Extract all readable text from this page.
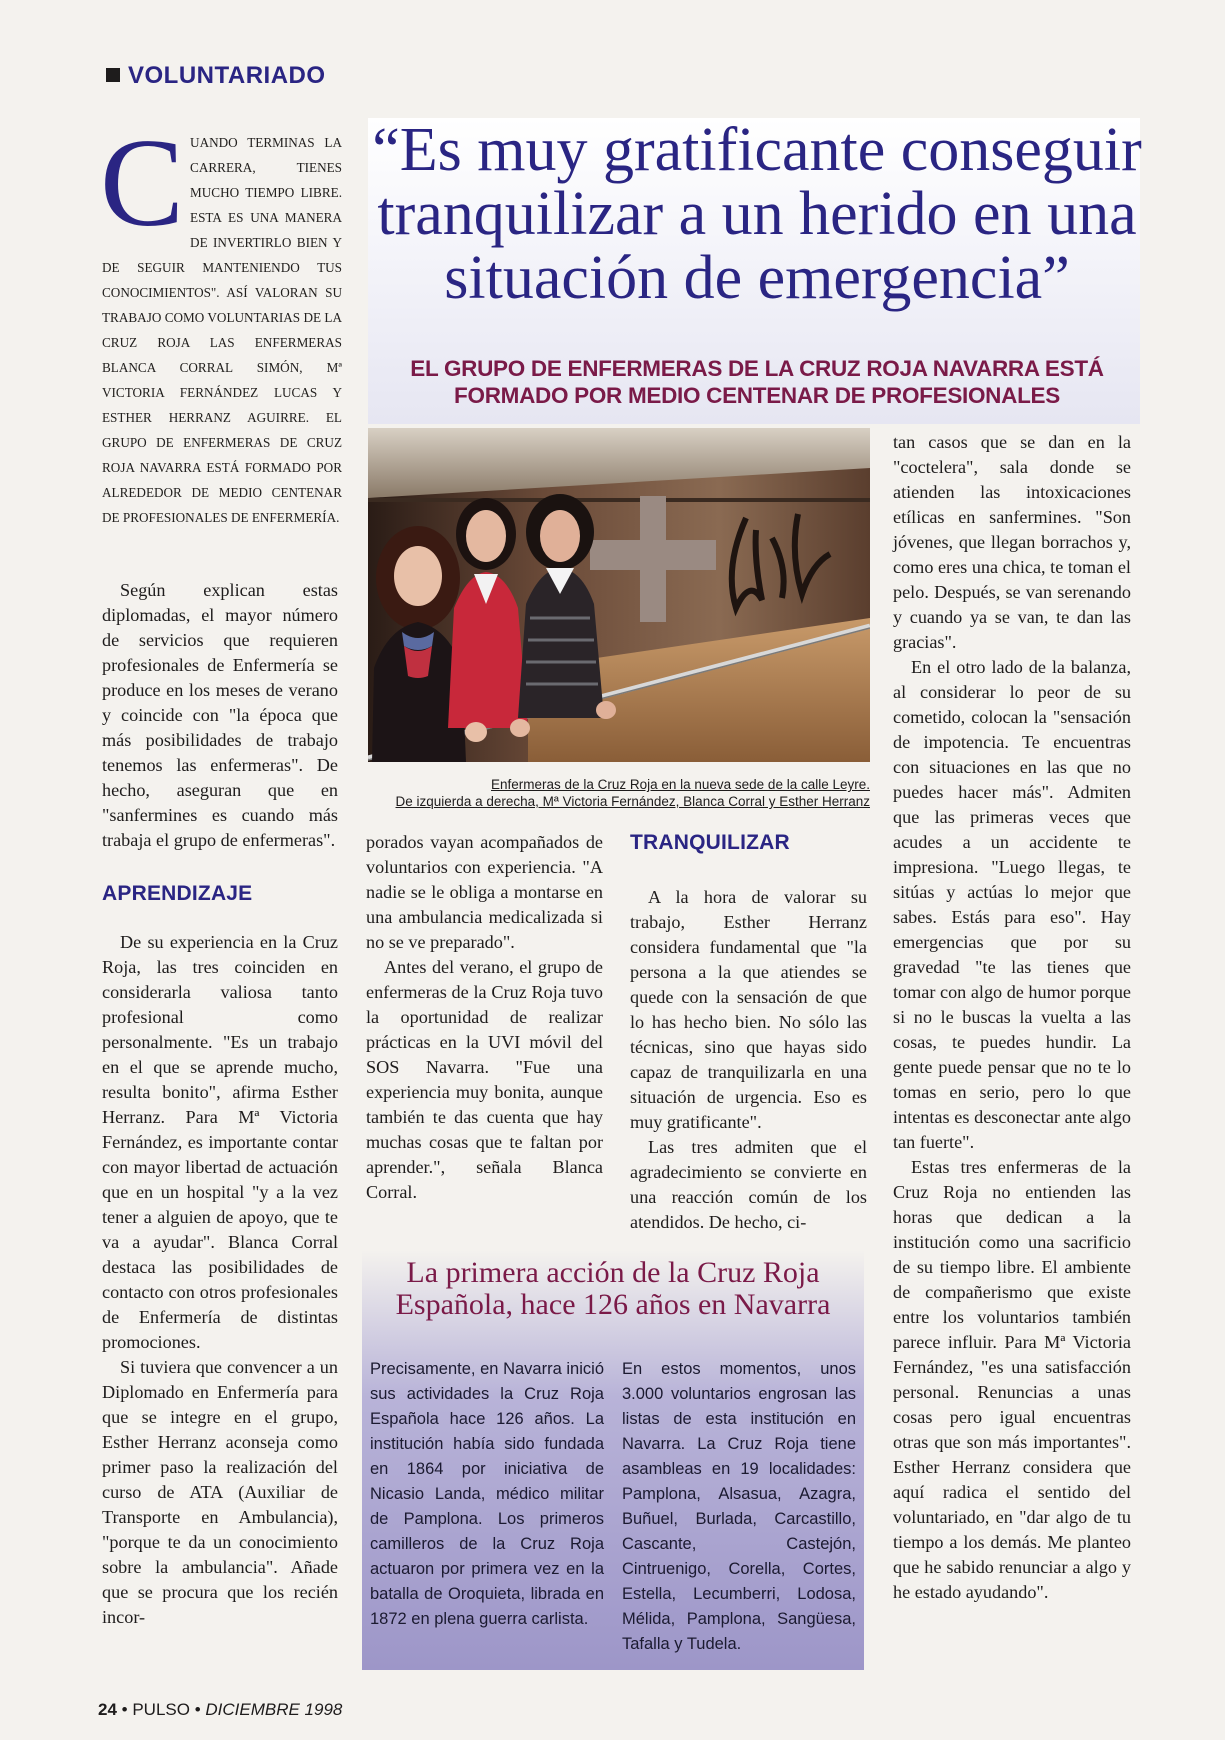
VOLUNTARIADO
“Es muy gratificante conseguir tranquilizar a un herido en una situación de emergencia”
EL GRUPO DE ENFERMERAS DE LA CRUZ ROJA NAVARRA ESTÁ FORMADO POR MEDIO CENTENAR DE PROFESIONALES
C UANDO TERMINAS LA CARRERA, TIENES MUCHO TIEMPO LIBRE. ESTA ES UNA MANERA DE INVERTIRLO BIEN Y DE SEGUIR MANTENIENDO TUS CONOCIMIENTOS". ASÍ VALORAN SU TRABAJO COMO VOLUNTARIAS DE LA CRUZ ROJA LAS ENFERMERAS BLANCA CORRAL SIMÓN, Mª VICTORIA FERNÁNDEZ LUCAS Y ESTHER HERRANZ AGUIRRE. EL GRUPO DE ENFERMERAS DE CRUZ ROJA NAVARRA ESTÁ FORMADO POR ALREDEDOR DE MEDIO CENTENAR DE PROFESIONALES DE ENFERMERÍA.

Según explican estas diplomadas, el mayor número de servicios que requieren profesionales de Enfermería se produce en los meses de verano y coincide con "la época que más posibilidades de trabajo tenemos las enfermeras". De hecho, aseguran que en "sanfermines es cuando más trabaja el grupo de enfermeras".

APRENDIZAJE

De su experiencia en la Cruz Roja, las tres coinciden en considerarla valiosa tanto profesional como personalmente. "Es un trabajo en el que se aprende mucho, resulta bonito", afirma Esther Herranz. Para Mª Victoria Fernández, es importante contar con mayor libertad de actuación que en un hospital "y a la vez tener a alguien de apoyo, que te va a ayudar". Blanca Corral destaca las posibilidades de contacto con otros profesionales de Enfermería de distintas promociones.

Si tuviera que convencer a un Diplomado en Enfermería para que se integre en el grupo, Esther Herranz aconseja como primer paso la realización del curso de ATA (Auxiliar de Transporte en Ambulancia), "porque te da un conocimiento sobre la ambulancia". Añade que se procura que los recién incor-

Enfermeras de la Cruz Roja en la nueva sede de la calle Leyre.
De izquierda a derecha, Mª Victoria Fernández, Blanca Corral y Esther Herranz

porados vayan acompañados de voluntarios con experiencia. "A nadie se le obliga a montarse en una ambulancia medicalizada si no se ve preparado".

Antes del verano, el grupo de enfermeras de la Cruz Roja tuvo la oportunidad de realizar prácticas en la UVI móvil del SOS Navarra. "Fue una experiencia muy bonita, aunque también te das cuenta que hay muchas cosas que te faltan por aprender.", señala Blanca Corral.

TRANQUILIZAR

A la hora de valorar su trabajo, Esther Herranz considera fundamental que "la persona a la que atiendes se quede con la sensación de que lo has hecho bien. No sólo las técnicas, sino que hayas sido capaz de tranquilizarla en una situación de urgencia. Eso es muy gratificante".

Las tres admiten que el agradecimiento se convierte en una reacción común de los atendidos. De hecho, ci-

tan casos que se dan en la "coctelera", sala donde se atienden las intoxicaciones etílicas en sanfermines. "Son jóvenes, que llegan borrachos y, como eres una chica, te toman el pelo. Después, se van serenando y cuando ya se van, te dan las gracias".

En el otro lado de la balanza, al considerar lo peor de su cometido, colocan la "sensación de impotencia. Te encuentras con situaciones en las que no puedes hacer más". Admiten que las primeras veces que acudes a un accidente te impresiona. "Luego llegas, te sitúas y actúas lo mejor que sabes. Estás para eso". Hay emergencias que por su gravedad "te las tienes que tomar con algo de humor porque si no le buscas la vuelta a las cosas, te puedes hundir. La gente puede pensar que no te lo tomas en serio, pero lo que intentas es desconectar ante algo tan fuerte".

Estas tres enfermeras de la Cruz Roja no entienden las horas que dedican a la institución como una sacrificio de su tiempo libre. El ambiente de compañerismo que existe entre los voluntarios también parece influir. Para Mª Victoria Fernández, "es una satisfacción personal. Renuncias a unas cosas pero igual encuentras otras que son más importantes". Esther Herranz considera que aquí radica el sentido del voluntariado, en "dar algo de tu tiempo a los demás. Me planteo que he sabido renunciar a algo y he estado ayudando".

La primera acción de la Cruz Roja Española, hace 126 años en Navarra
Precisamente, en Navarra inició sus actividades la Cruz Roja Española hace 126 años. La institución había sido fundada en 1864 por iniciativa de Nicasio Landa, médico militar de Pamplona. Los primeros camilleros de la Cruz Roja actuaron por primera vez en la batalla de Oroquieta, librada en 1872 en plena guerra carlista.
En estos momentos, unos 3.000 voluntarios engrosan las listas de esta institución en Navarra. La Cruz Roja tiene asambleas en 19 localidades: Pamplona, Alsasua, Azagra, Buñuel, Burlada, Carcastillo, Cascante, Castejón, Cintruenigo, Corella, Cortes, Estella, Lecumberri, Lodosa, Mélida, Pamplona, Sangüesa, Tafalla y Tudela.
24 • PULSO • DICIEMBRE 1998
